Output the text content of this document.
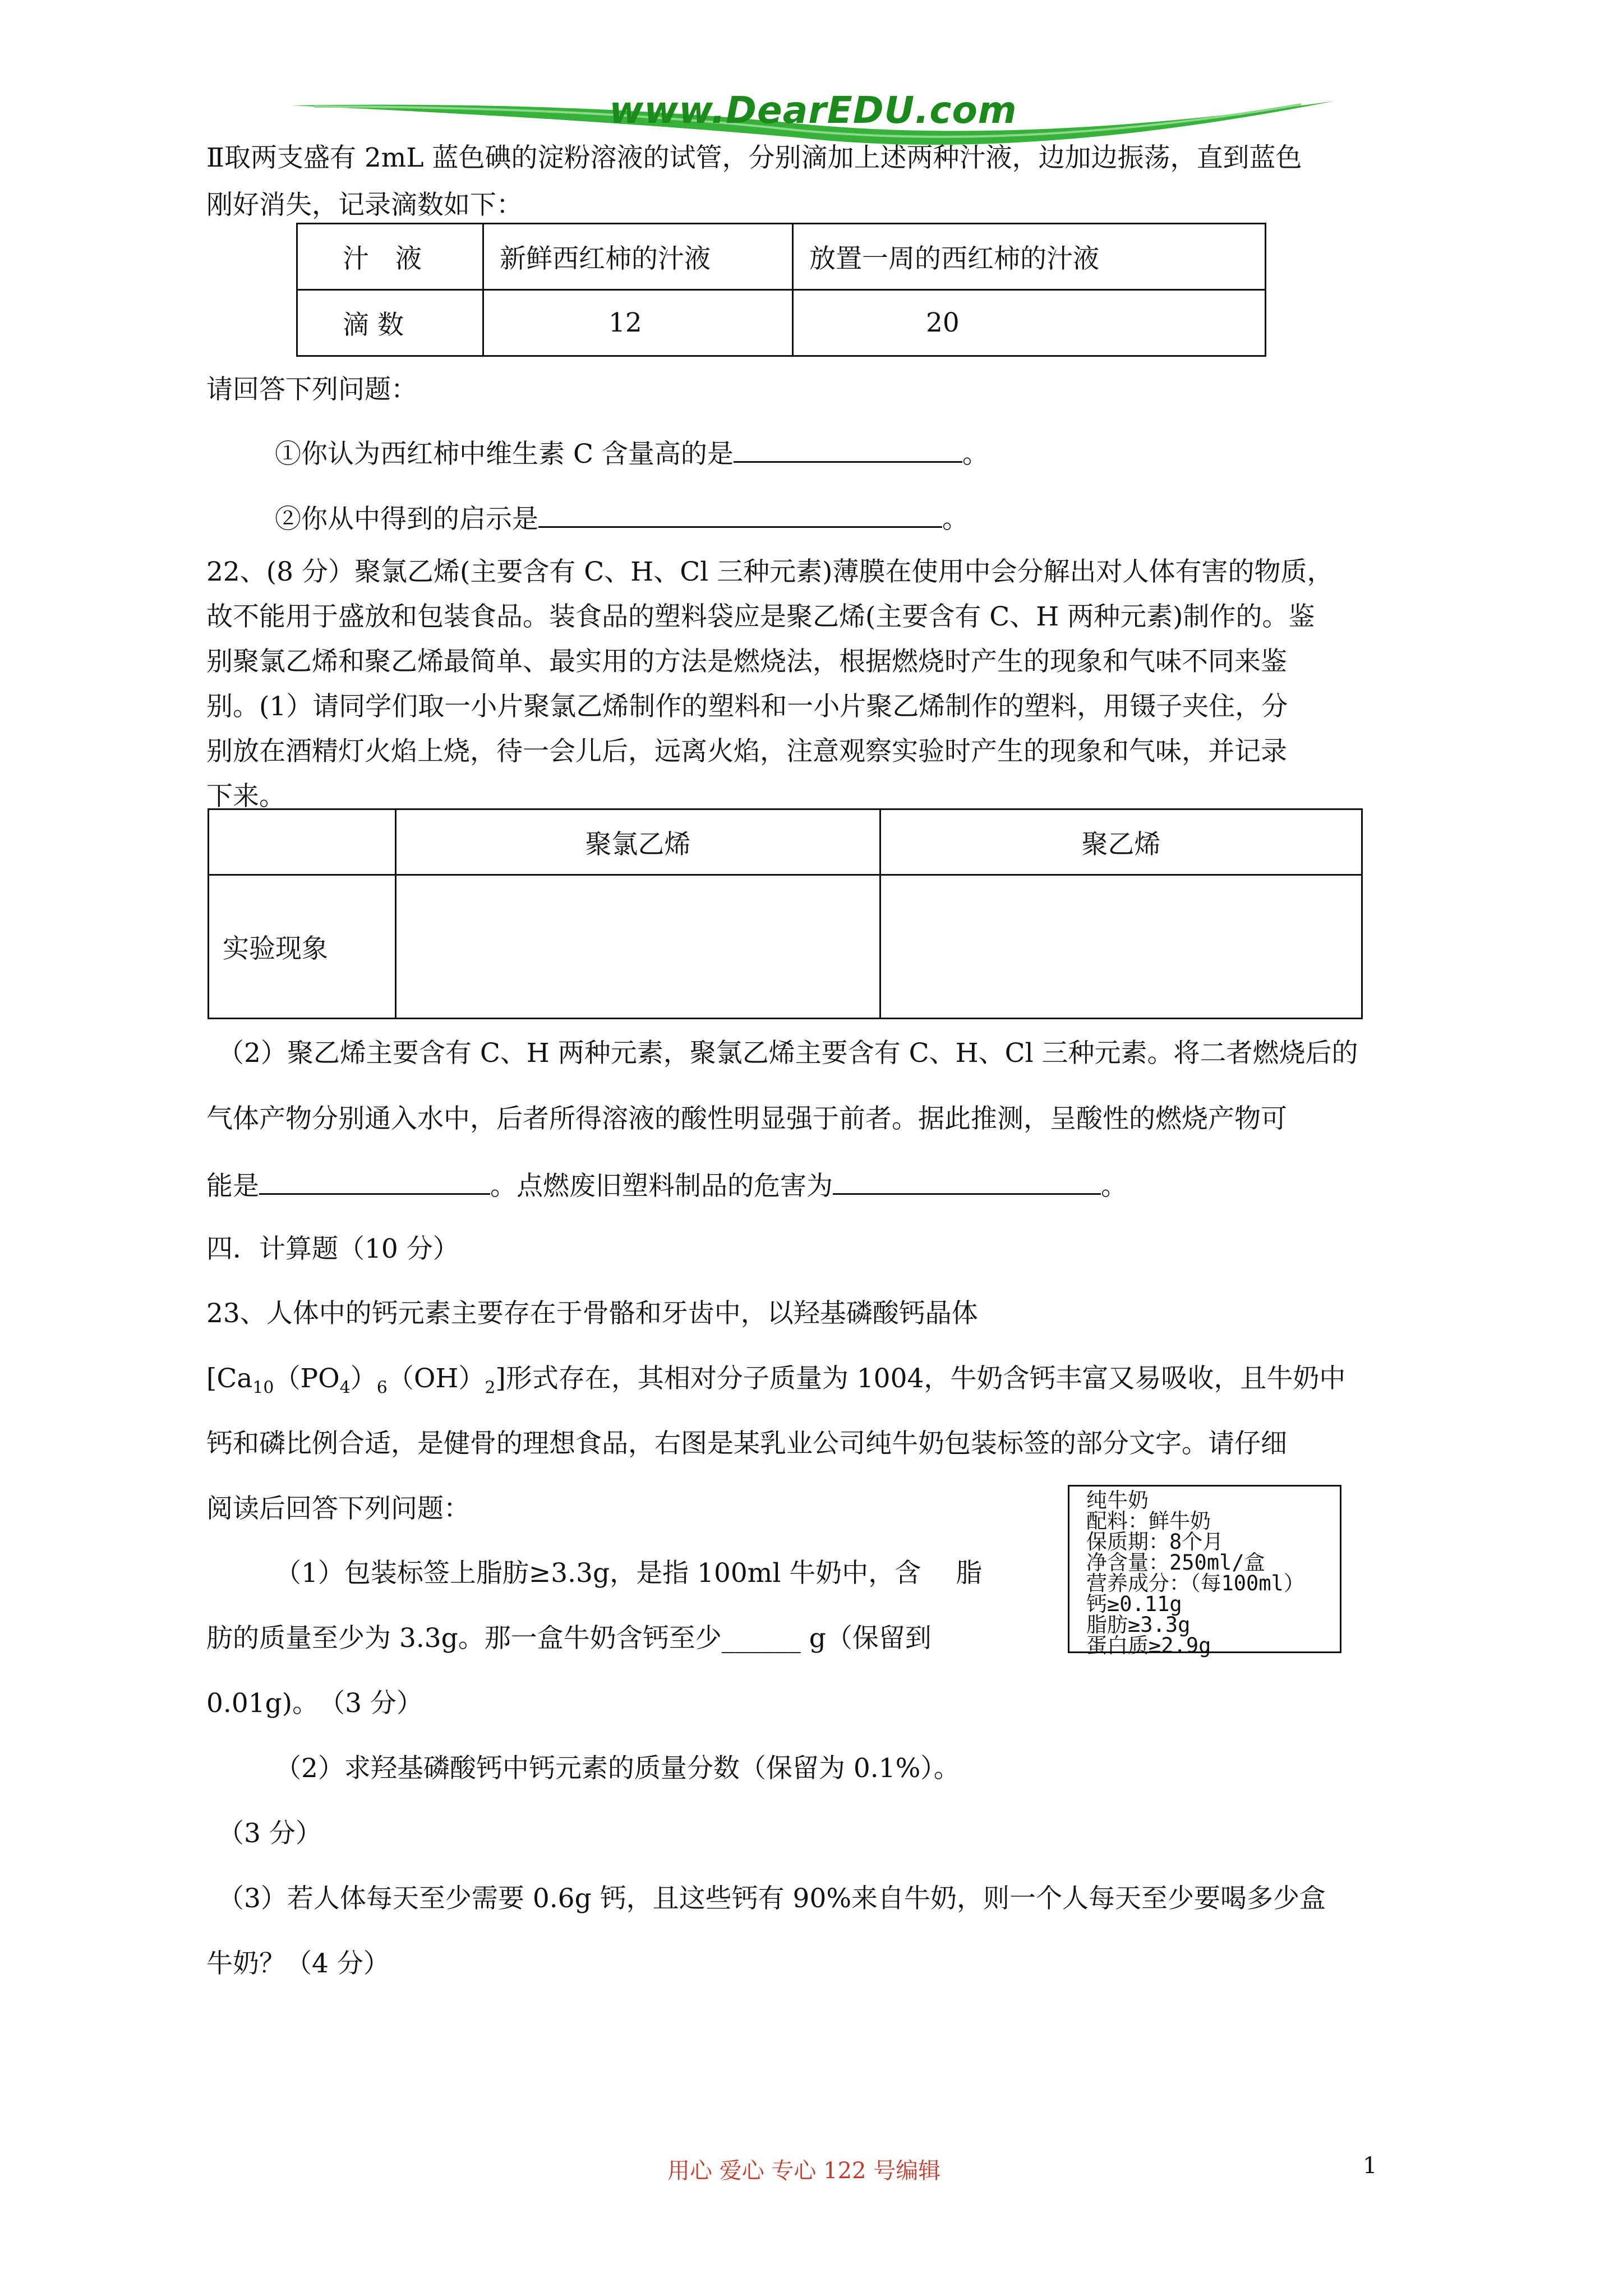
www.DearEDU.com
Ⅱ取两支盛有 2mL 蓝色碘的淀粉溶液的试管，分别滴加上述两种汁液，边加边振荡，直到蓝色
刚好消失，记录滴数如下：
汁　液	新鲜西红柿的汁液	放置一周的西红柿的汁液
滴 数	12	20
请回答下列问题：
①你认为西红柿中维生素 C 含量高的是	。
②你从中得到的启示是	。
22、(8 分）聚氯乙烯(主要含有 C、H、Cl 三种元素)薄膜在使用中会分解出对人体有害的物质，
故不能用于盛放和包装食品。装食品的塑料袋应是聚乙烯(主要含有 C、H 两种元素)制作的。鉴
别聚氯乙烯和聚乙烯最简单、最实用的方法是燃烧法，根据燃烧时产生的现象和气味不同来鉴
别。(1）请同学们取一小片聚氯乙烯制作的塑料和一小片聚乙烯制作的塑料，用镊子夹住，分
别放在酒精灯火焰上烧，待一会儿后，远离火焰，注意观察实验时产生的现象和气味，并记录
下来。
	聚氯乙烯	聚乙烯
实验现象		
（2）聚乙烯主要含有 C、H 两种元素，聚氯乙烯主要含有 C、H、Cl 三种元素。将二者燃烧后的
气体产物分别通入水中，后者所得溶液的酸性明显强于前者。据此推测，呈酸性的燃烧产物可
能是	。点燃废旧塑料制品的危害为	。
四．计算题（10 分）
23、人体中的钙元素主要存在于骨骼和牙齿中，以羟基磷酸钙晶体
$[Ca_{10}(PO_4)_6(OH)_2]$形式存在，其相对分子质量为 1004，牛奶含钙丰富又易吸收，且牛奶中
钙和磷比例合适，是健骨的理想食品，右图是某乳业公司纯牛奶包装标签的部分文字。请仔细
阅读后回答下列问题：
（1）包装标签上脂肪≥3.3g，是指 100ml 牛奶中，含　 脂
肪的质量至少为 3.3g。那一盒牛奶含钙至少______ g（保留到
0.01g)。　（3 分）
（2）求羟基磷酸钙中钙元素的质量分数（保留为 0.1%）。
（3 分）
（3）若人体每天至少需要 0.6g 钙，且这些钙有 90%来自牛奶，则一个人每天至少要喝多少盒
牛奶？（4 分）
纯牛奶
配料：鲜牛奶
保质期：8个月
净含量：250ml/盒
营养成分：（每100ml）
钙≥0.11g
脂肪≥3.3g
蛋白质≥2.9g
用心 爱心 专心 122 号编辑	1
